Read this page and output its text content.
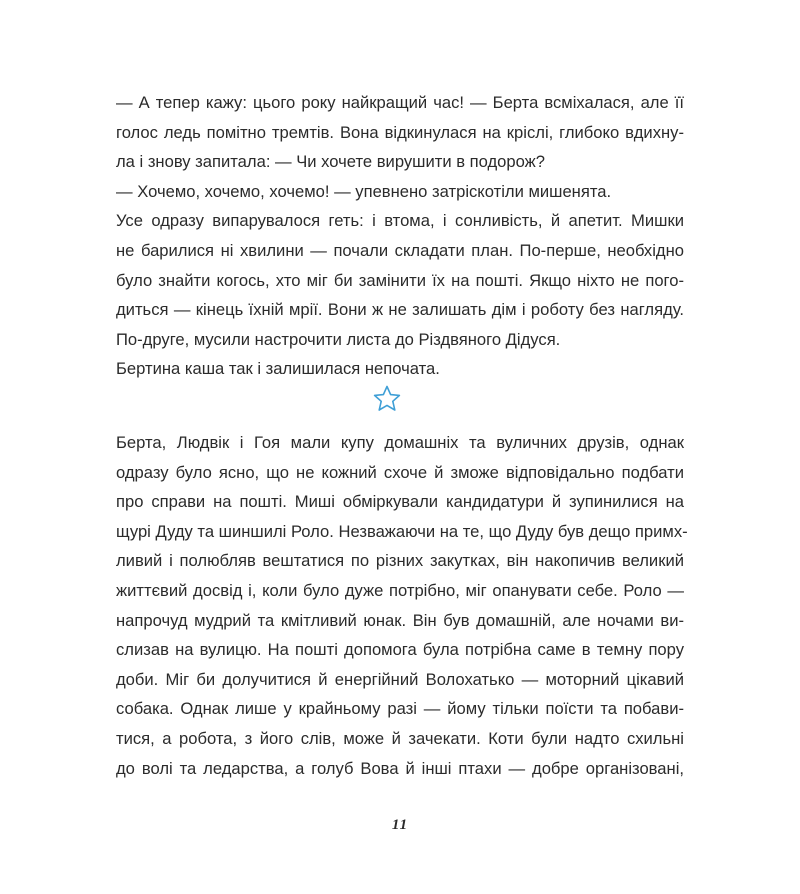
— А тепер кажу: цього року найкращий час! — Берта всміхалася, але її
голос ледь помітно тремтів. Вона відкинулася на кріслі, глибоко вдихну-
ла і знову запитала: — Чи хочете вирушити в подорож?
— Хочемо, хочемо, хочемо! — упевнено затріскотіли мишенята.
Усе одразу випарувалося геть: і втома, і сонливість, й апетит. Мишки
не барилися ні хвилини — почали складати план. По-перше, необхідно
було знайти когось, хто міг би замінити їх на пошті. Якщо ніхто не пого-
диться — кінець їхній мрії. Вони ж не залишать дім і роботу без нагляду.
По-друге, мусили настрочити листа до Різдвяного Дідуся.
Бертина каша так і залишилася непочата.
Берта, Людвік і Гоя мали купу домашніх та вуличних друзів, однак
одразу було ясно, що не кожний схоче й зможе відповідально подбати
про справи на пошті. Миші обміркували кандидатури й зупинилися на
щурі Дуду та шиншилі Роло. Незважаючи на те, що Дуду був дещо примх-
ливий і полюбляв вештатися по різних закутках, він накопичив великий
життєвий досвід і, коли було дуже потрібно, міг опанувати себе. Роло —
напрочуд мудрий та кмітливий юнак. Він був домашній, але ночами ви-
слизав на вулицю. На пошті допомога була потрібна саме в темну пору
доби. Міг би долучитися й енергійний Волохатько — моторний цікавий
собака. Однак лише у крайньому разі — йому тільки поїсти та побави-
тися, а робота, з його слів, може й зачекати. Коти були надто схильні
до волі та ледарства, а голуб Вова й інші птахи — добре організовані,
11
